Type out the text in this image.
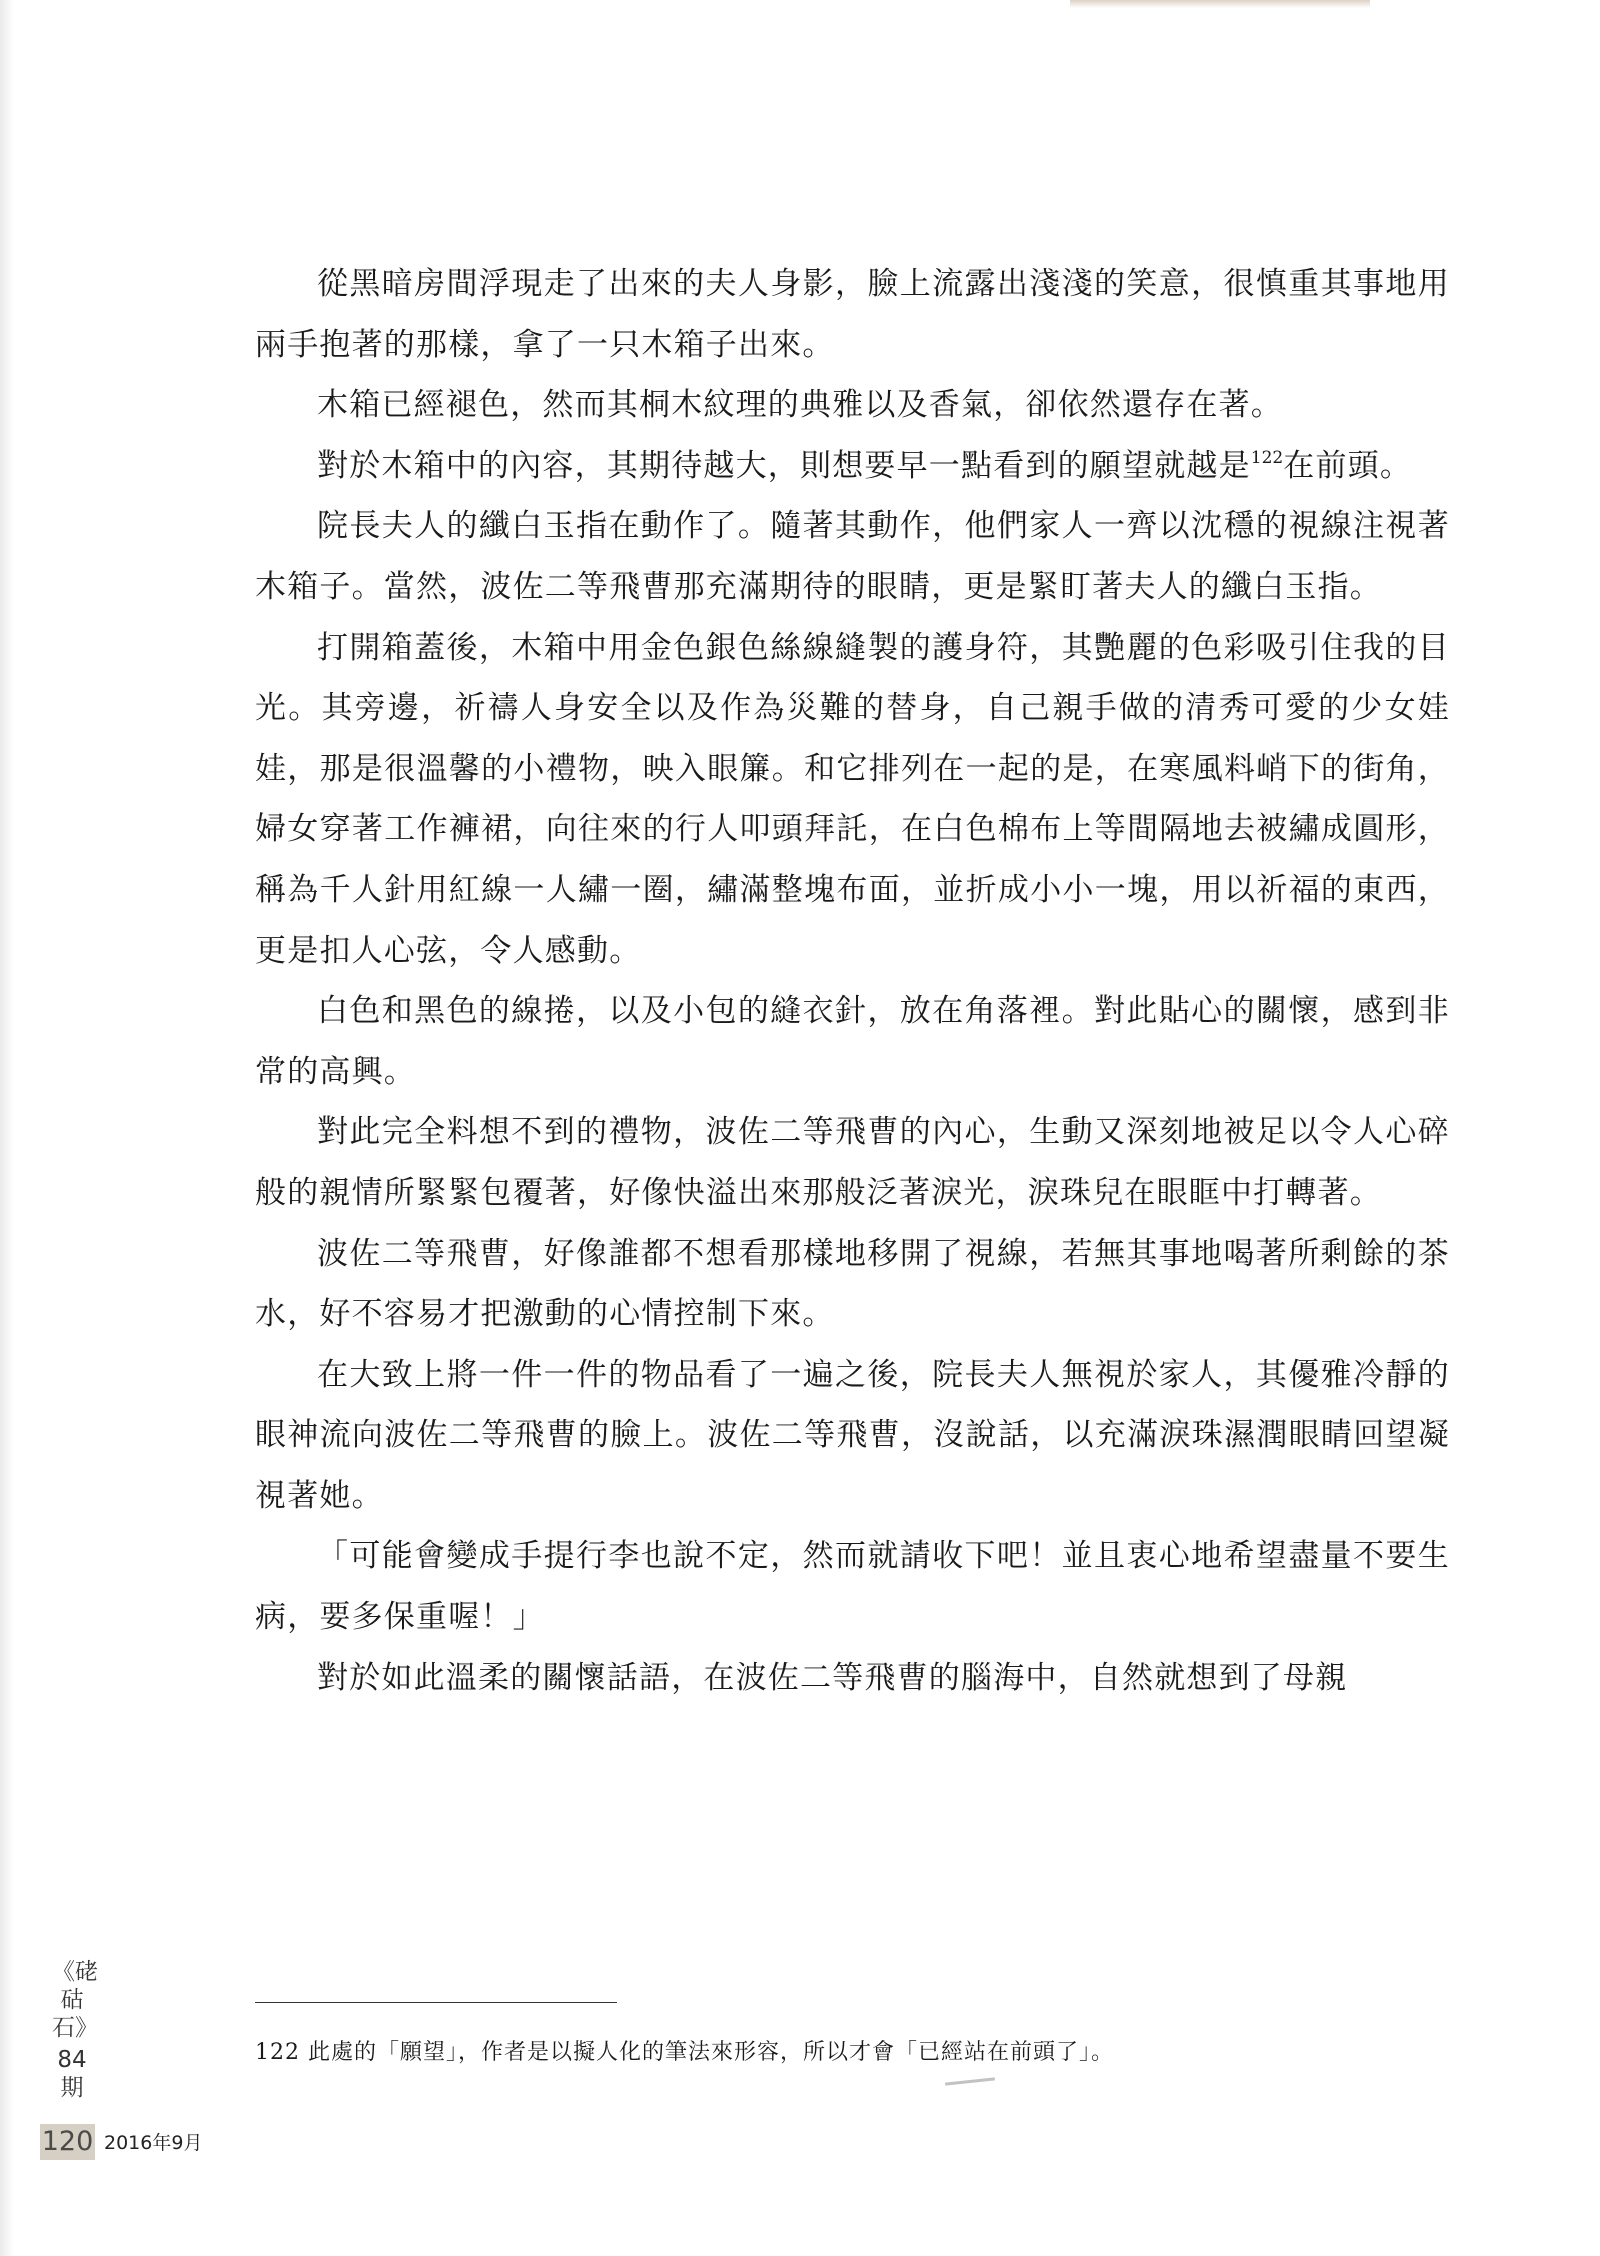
從黑暗房間浮現走了出來的夫人身影，臉上流露出淺淺的笑意，很慎重其事地用兩手抱著的那樣，拿了一只木箱子出來。

木箱已經褪色，然而其桐木紋理的典雅以及香氣，卻依然還存在著。

對於木箱中的內容，其期待越大，則想要早一點看到的願望就越是$^{122}$在前頭。

院長夫人的纖白玉指在動作了。隨著其動作，他們家人一齊以沈穩的視線注視著木箱子。當然，波佐二等飛曹那充滿期待的眼睛，更是緊盯著夫人的纖白玉指。

打開箱蓋後，木箱中用金色銀色絲線縫製的護身符，其艷麗的色彩吸引住我的目光。其旁邊，祈禱人身安全以及作為災難的替身，自己親手做的清秀可愛的少女娃娃，那是很溫馨的小禮物，映入眼簾。和它排列在一起的是，在寒風料峭下的街角，婦女穿著工作褲裙，向往來的行人叩頭拜託，在白色棉布上等間隔地去被繡成圓形，稱為千人針用紅線一人繡一圈，繡滿整塊布面，並折成小小一塊，用以祈福的東西，更是扣人心弦，令人感動。

白色和黑色的線捲，以及小包的縫衣針，放在角落裡。對此貼心的關懷，感到非常的高興。

對此完全料想不到的禮物，波佐二等飛曹的內心，生動又深刻地被足以令人心碎般的親情所緊緊包覆著，好像快溢出來那般泛著淚光，淚珠兒在眼眶中打轉著。

波佐二等飛曹，好像誰都不想看那樣地移開了視線，若無其事地喝著所剩餘的茶水，好不容易才把激動的心情控制下來。

在大致上將一件一件的物品看了一遍之後，院長夫人無視於家人，其優雅冷靜的眼神流向波佐二等飛曹的臉上。波佐二等飛曹，沒說話，以充滿淚珠濕潤眼睛回望凝視著她。

「可能會變成手提行李也說不定，然而就請收下吧！並且衷心地希望盡量不要生病，要多保重喔！」

對於如此溫柔的關懷話語，在波佐二等飛曹的腦海中，自然就想到了母親

122 此處的「願望」，作者是以擬人化的筆法來形容，所以才會「已經站在前頭了」。
《硓𥑮石》
84期
120 2016年9月
